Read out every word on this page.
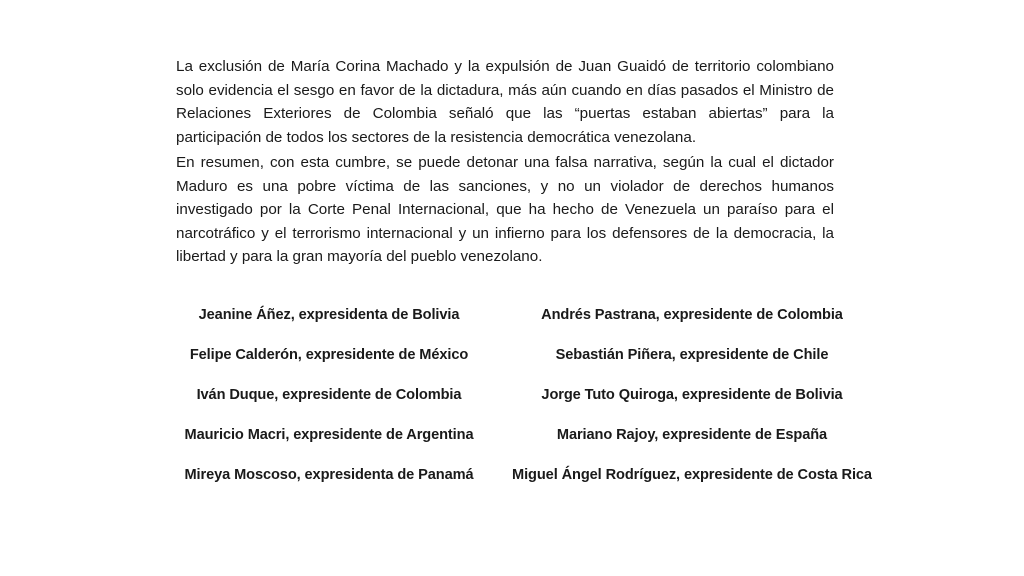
La exclusión de María Corina Machado y la expulsión de Juan Guaidó de territorio colombiano solo evidencia el sesgo en favor de la dictadura, más aún cuando en días pasados el Ministro de Relaciones Exteriores de Colombia señaló que las “puertas estaban abiertas” para la participación de todos los sectores de la resistencia democrática venezolana.

En resumen, con esta cumbre, se puede detonar una falsa narrativa, según la cual el dictador Maduro es una pobre víctima de las sanciones, y no un violador de derechos humanos investigado por la Corte Penal Internacional, que ha hecho de Venezuela un paraíso para el narcotráfico y el terrorismo internacional y un infierno para los defensores de la democracia, la libertad y para la gran mayoría del pueblo venezolano.

Jeanine Áñez, expresidenta de Bolivia	Andrés Pastrana, expresidente de Colombia
Felipe Calderón, expresidente de México	Sebastián Piñera, expresidente de Chile
Iván Duque, expresidente de Colombia	Jorge Tuto Quiroga, expresidente de Bolivia
Mauricio Macri, expresidente de Argentina	Mariano Rajoy, expresidente de España
Mireya Moscoso, expresidenta de Panamá	Miguel Ángel Rodríguez, expresidente de Costa Rica
